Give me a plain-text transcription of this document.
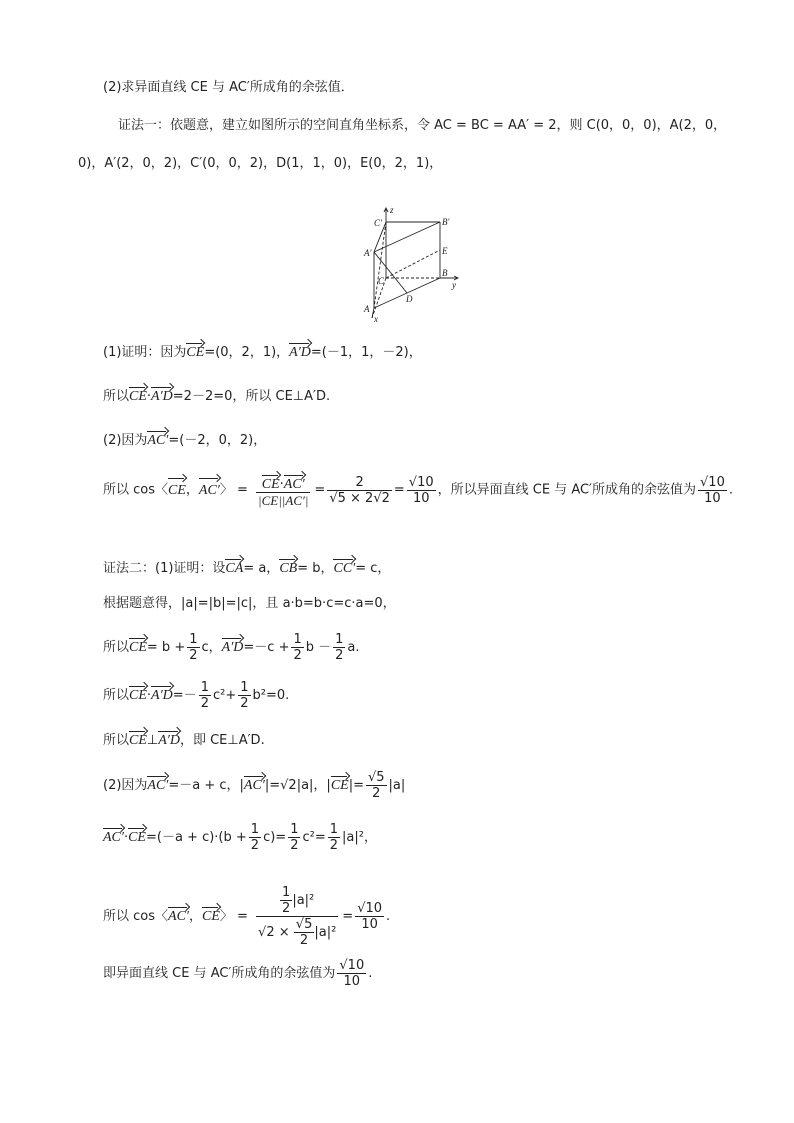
(2)求异面直线 CE 与 AC′所成角的余弦值．
证法一：依题意，建立如图所示的空间直角坐标系，令 AC = BC = AA′ = 2，则 C(0，0，0)，A(2，0，
0)，A′(2，0，2)，C′(0，0，2)，D(1，1，0)，E(0，2，1)，
C′
z
B′
A′	E
C
B
y
A
D
x
(1)证明：因为CE=(0，2，1)，A′D=(－1，1，－2)，
所以CE·A′D=2－2=0，所以 CE⊥A′D.
(2)因为AC′=(－2，0，2)，
所以 cos〈CE，AC′〉 = $\frac{CE\cdot AC'}{|CE||AC'|} = \frac{2}{√5 \times 2√2} = \frac{√10}{10}$ ，所以异面直线 CE 与 AC′所成角的余弦值为 $\frac{√10}{10}$ .
证法二：(1)证明：设CA= a，CB= b，CC′= c，
根据题意得，|a|=|b|=|c|，且 a·b=b·c=c·a=0，
所以$CE= b + \frac{1}{2}$ c，$A'D=-c + \frac{1}{2}$ $b - \frac{1}{2} a$.
所以$CE\cdot A'D=- \frac{1}{2} c^2+ \frac{1}{2} b^2=0$.
所以CE⊥A′D，即 CE⊥A′D.
(2)因为AC′=－a + c，|AC′|=√2|a|，$|CE|= \frac{√5}{2} |a|$
$AC'\cdot CE=(-a + c)\cdot(b + \frac{1}{2} c)= \frac{1}{2} c^2= \frac{1}{2} |a|^2$，
所以 cos〈AC′，CE〉 = $\frac{\frac{1}{2} |a|^2}{√2 \times \frac{√5}{2} |a|^2} = \frac{√10}{10}$ .
即异面直线 CE 与 AC′所成角的余弦值为 $\frac{√10}{10}$ .
